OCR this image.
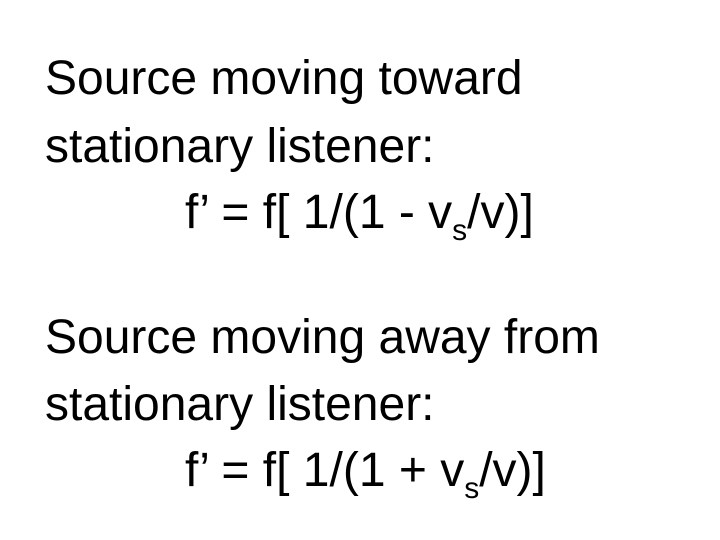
Source moving toward
stationary listener:
f’ = f[ $1/(1 - v_s/v)$]
Source moving away from
stationary listener:
f’ = f[ $1/(1 + v_s/v)$]
